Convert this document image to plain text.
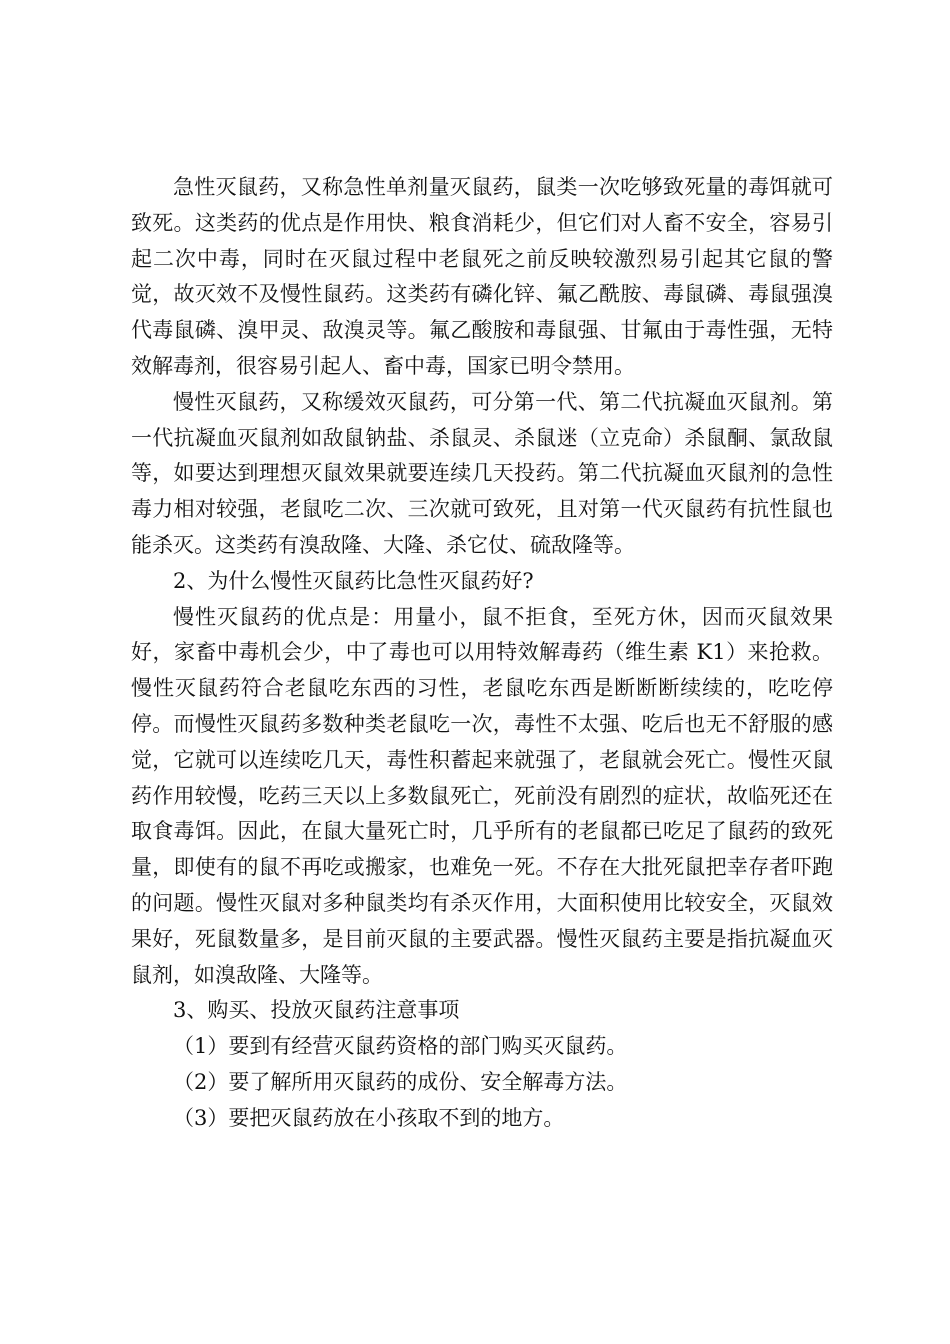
急性灭鼠药，又称急性单剂量灭鼠药，鼠类一次吃够致死量的毒饵就可致死。这类药的优点是作用快、粮食消耗少，但它们对人畜不安全，容易引起二次中毒，同时在灭鼠过程中老鼠死之前反映较激烈易引起其它鼠的警觉，故灭效不及慢性鼠药。这类药有磷化锌、氟乙酰胺、毒鼠磷、毒鼠强溴代毒鼠磷、溴甲灵、敌溴灵等。氟乙酸胺和毒鼠强、甘氟由于毒性强，无特效解毒剂，很容易引起人、畜中毒，国家已明令禁用。

慢性灭鼠药，又称缓效灭鼠药，可分第一代、第二代抗凝血灭鼠剂。第一代抗凝血灭鼠剂如敌鼠钠盐、杀鼠灵、杀鼠迷（立克命）杀鼠酮、氯敌鼠等，如要达到理想灭鼠效果就要连续几天投药。第二代抗凝血灭鼠剂的急性毒力相对较强，老鼠吃二次、三次就可致死，且对第一代灭鼠药有抗性鼠也能杀灭。这类药有溴敌隆、大隆、杀它仗、硫敌隆等。

2、为什么慢性灭鼠药比急性灭鼠药好?

慢性灭鼠药的优点是：用量小，鼠不拒食，至死方休，因而灭鼠效果好，家畜中毒机会少，中了毒也可以用特效解毒药（维生素 K1）来抢救。慢性灭鼠药符合老鼠吃东西的习性，老鼠吃东西是断断断续续的，吃吃停停。而慢性灭鼠药多数种类老鼠吃一次，毒性不太强、吃后也无不舒服的感觉，它就可以连续吃几天，毒性积蓄起来就强了，老鼠就会死亡。慢性灭鼠药作用较慢，吃药三天以上多数鼠死亡，死前没有剧烈的症状，故临死还在取食毒饵。因此，在鼠大量死亡时，几乎所有的老鼠都已吃足了鼠药的致死量，即使有的鼠不再吃或搬家，也难免一死。不存在大批死鼠把幸存者吓跑的问题。慢性灭鼠对多种鼠类均有杀灭作用，大面积使用比较安全，灭鼠效果好，死鼠数量多，是目前灭鼠的主要武器。慢性灭鼠药主要是指抗凝血灭鼠剂，如溴敌隆、大隆等。

3、购买、投放灭鼠药注意事项

（1）要到有经营灭鼠药资格的部门购买灭鼠药。

（2）要了解所用灭鼠药的成份、安全解毒方法。

（3）要把灭鼠药放在小孩取不到的地方。
